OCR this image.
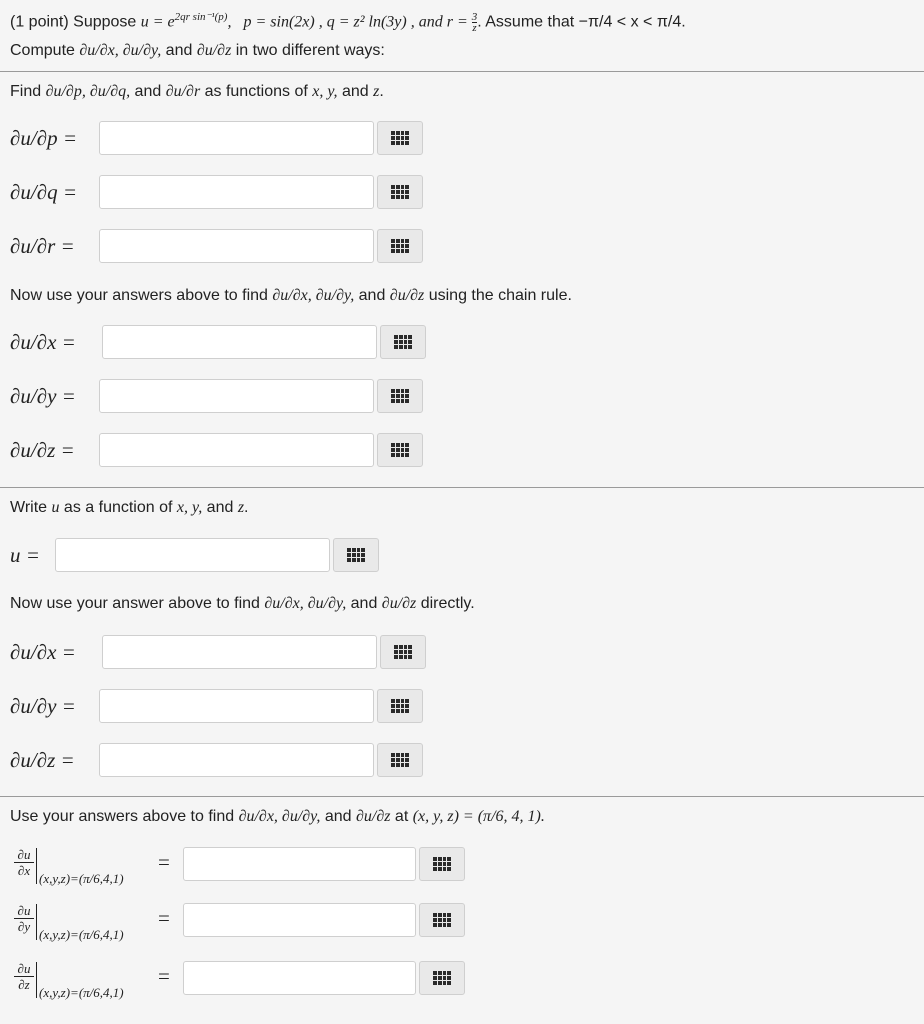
(1 point) Suppose $u = e^{2qr sin^{-1}(p)}$,   p = sin(2x) , q = z² ln(3y) , and $r = \frac{3}{z}$ . Assume that −π/4 < x < π/4.
Compute ∂u/∂x, ∂u/∂y, and ∂u/∂z in two different ways:
Find ∂u/∂p, ∂u/∂q, and ∂u/∂r as functions of x, y, and z.
∂u/∂p =
∂u/∂q =
∂u/∂r =
Now use your answers above to find ∂u/∂x, ∂u/∂y, and ∂u/∂z using the chain rule.
∂u/∂x =
∂u/∂y =
∂u/∂z =
Write u as a function of x, y, and z.
u =
Now use your answer above to find ∂u/∂x, ∂u/∂y, and ∂u/∂z directly.
∂u/∂x =
∂u/∂y =
∂u/∂z =
Use your answers above to find ∂u/∂x, ∂u/∂y, and ∂u/∂z at (x, y, z) = (π/6, 4, 1).
∂u
∂x
(x,y,z)=(π/6,4,1)
=
∂u
∂y
(x,y,z)=(π/6,4,1)
=
∂u
∂z
(x,y,z)=(π/6,4,1)
=
